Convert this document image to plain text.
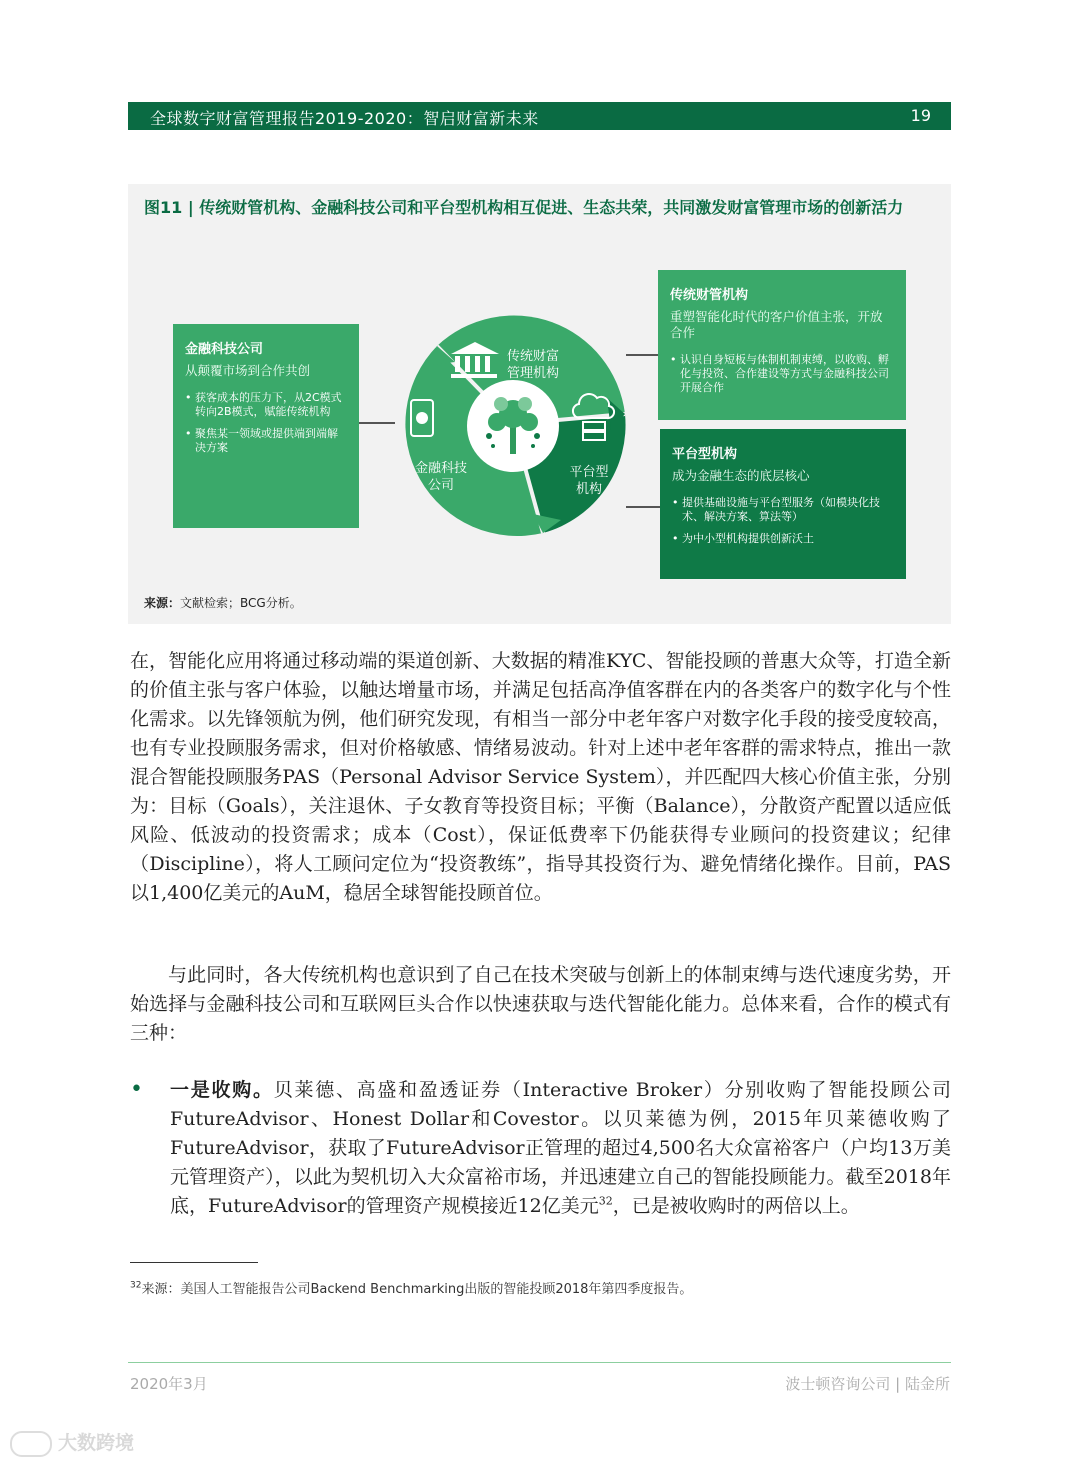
全球数字财富管理报告2019-2020：智启财富新未来	19
图11 | 传统财管机构、金融科技公司和平台型机构相互促进、生态共荣，共同激发财富管理市场的创新活力
金融科技公司
从颠覆市场到合作共创
• 获客成本的压力下，从2C模式转向2B模式，赋能传统机构
• 聚焦某一领域或提供端到端解决方案
传统财管机构
重塑智能化时代的客户价值主张，开放合作
• 认识自身短板与体制机制束缚，以收购、孵化与投资、合作建设等方式与金融科技公司开展合作
平台型机构
成为金融生态的底层核心
• 提供基础设施与平台型服务（如模块化技术、解决方案、算法等）
• 为中小型机构提供创新沃土
传统财富
管理机构
金融科技
公司
平台型
机构
来源：文献检索；BCG分析。
在，智能化应用将通过移动端的渠道创新、大数据的精准KYC、智能投顾的普惠大众等，打造全新的价值主张与客户体验，以触达增量市场，并满足包括高净值客群在内的各类客户的数字化与个性化需求。以先锋领航为例，他们研究发现，有相当一部分中老年客户对数字化手段的接受度较高，也有专业投顾服务需求，但对价格敏感、情绪易波动。针对上述中老年客群的需求特点，推出一款混合智能投顾服务PAS（Personal Advisor Service System），并匹配四大核心价值主张，分别为：目标（Goals），关注退休、子女教育等投资目标；平衡（Balance），分散资产配置以适应低风险、低波动的投资需求；成本（Cost），保证低费率下仍能获得专业顾问的投资建议；纪律（Discipline），将人工顾问定位为“投资教练”，指导其投资行为、避免情绪化操作。目前，PAS以1,400亿美元的AuM，稳居全球智能投顾首位。
与此同时，各大传统机构也意识到了自己在技术突破与创新上的体制束缚与迭代速度劣势，开始选择与金融科技公司和互联网巨头合作以快速获取与迭代智能化能力。总体来看，合作的模式有三种：
• 一是收购。贝莱德、高盛和盈透证券（Interactive Broker）分别收购了智能投顾公司FutureAdvisor、Honest Dollar和Covestor。以贝莱德为例，2015年贝莱德收购了FutureAdvisor，获取了FutureAdvisor正管理的超过4,500名大众富裕客户（户均13万美元管理资产），以此为契机切入大众富裕市场，并迅速建立自己的智能投顾能力。截至2018年底，FutureAdvisor的管理资产规模接近12亿美元$^{32}$，已是被收购时的两倍以上。
$^{32}$来源：美国人工智能报告公司Backend Benchmarking出版的智能投顾2018年第四季度报告。
2020年3月	波士顿咨询公司 | 陆金所
大数跨境
